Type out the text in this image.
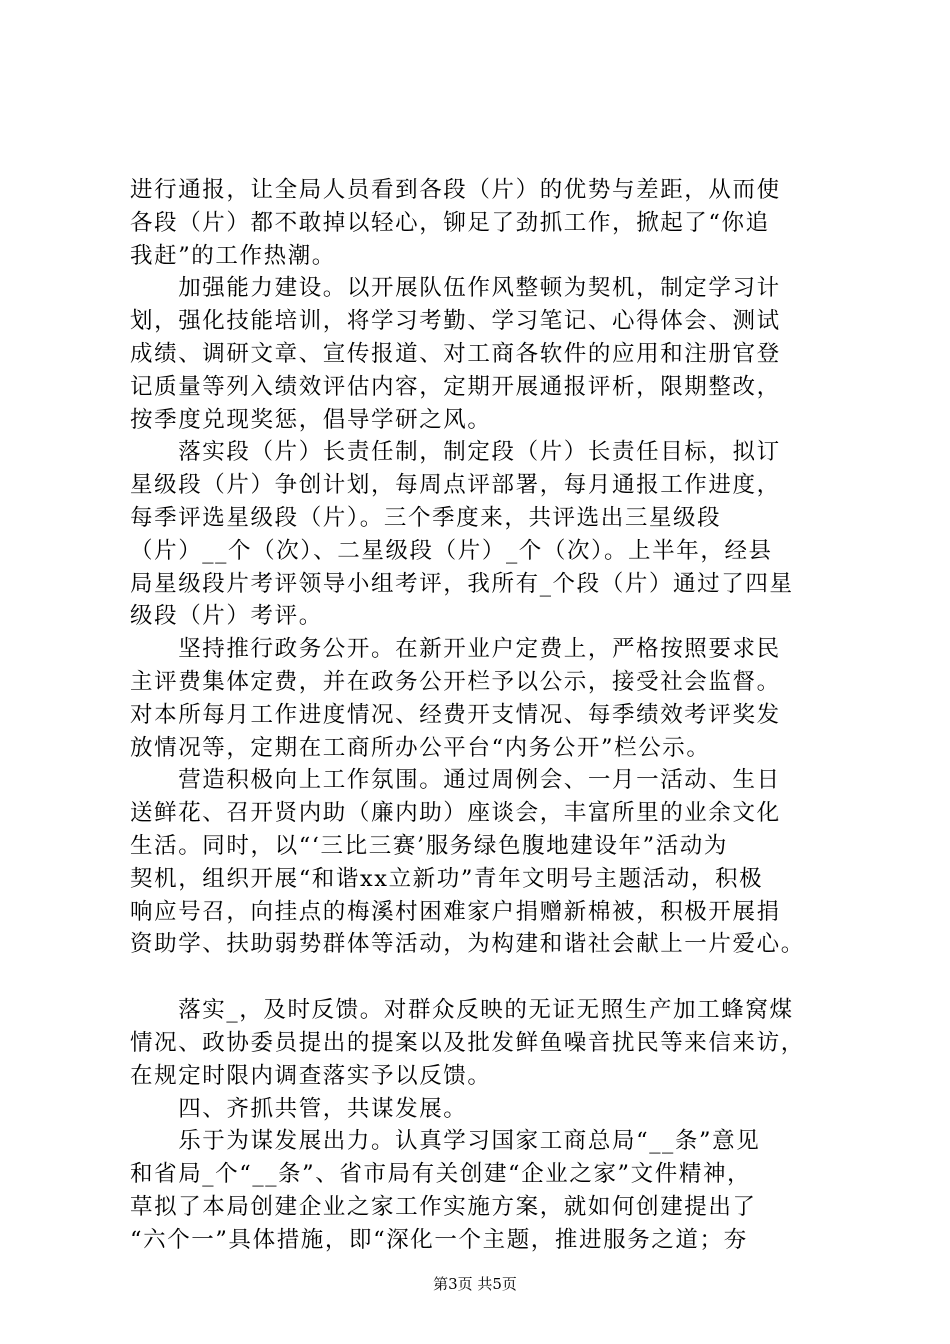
进行通报，让全局人员看到各段（片）的优势与差距，从而使
各段（片）都不敢掉以轻心，铆足了劲抓工作，掀起了“你追
我赶”的工作热潮。
　　加强能力建设。以开展队伍作风整顿为契机，制定学习计
划，强化技能培训，将学习考勤、学习笔记、心得体会、测试
成绩、调研文章、宣传报道、对工商各软件的应用和注册官登
记质量等列入绩效评估内容，定期开展通报评析，限期整改，
按季度兑现奖惩，倡导学研之风。
　　落实段（片）长责任制，制定段（片）长责任目标，拟订
星级段（片）争创计划，每周点评部署，每月通报工作进度，
每季评选星级段（片）。三个季度来，共评选出三星级段
（片）__个（次）、二星级段（片）_个（次）。上半年，经县
局星级段片考评领导小组考评，我所有_个段（片）通过了四星
级段（片）考评。
　　坚持推行政务公开。在新开业户定费上，严格按照要求民
主评费集体定费，并在政务公开栏予以公示，接受社会监督。
对本所每月工作进度情况、经费开支情况、每季绩效考评奖发
放情况等，定期在工商所办公平台“内务公开”栏公示。
　　营造积极向上工作氛围。通过周例会、一月一活动、生日
送鲜花、召开贤内助（廉内助）座谈会，丰富所里的业余文化
生活。同时，以“‘三比三赛’服务绿色腹地建设年”活动为
契机，组织开展“和谐xx立新功”青年文明号主题活动，积极
响应号召，向挂点的梅溪村困难家户捐赠新棉被，积极开展捐
资助学、扶助弱势群体等活动，为构建和谐社会献上一片爱心。
　　落实_，及时反馈。对群众反映的无证无照生产加工蜂窝煤
情况、政协委员提出的提案以及批发鲜鱼噪音扰民等来信来访，
在规定时限内调查落实予以反馈。
　　四、齐抓共管，共谋发展。
　　乐于为谋发展出力。认真学习国家工商总局“__条”意见
和省局_个“__条”、省市局有关创建“企业之家”文件精神，
草拟了本局创建企业之家工作实施方案，就如何创建提出了
“六个一”具体措施，即“深化一个主题，推进服务之道；夯
第3页 共5页
